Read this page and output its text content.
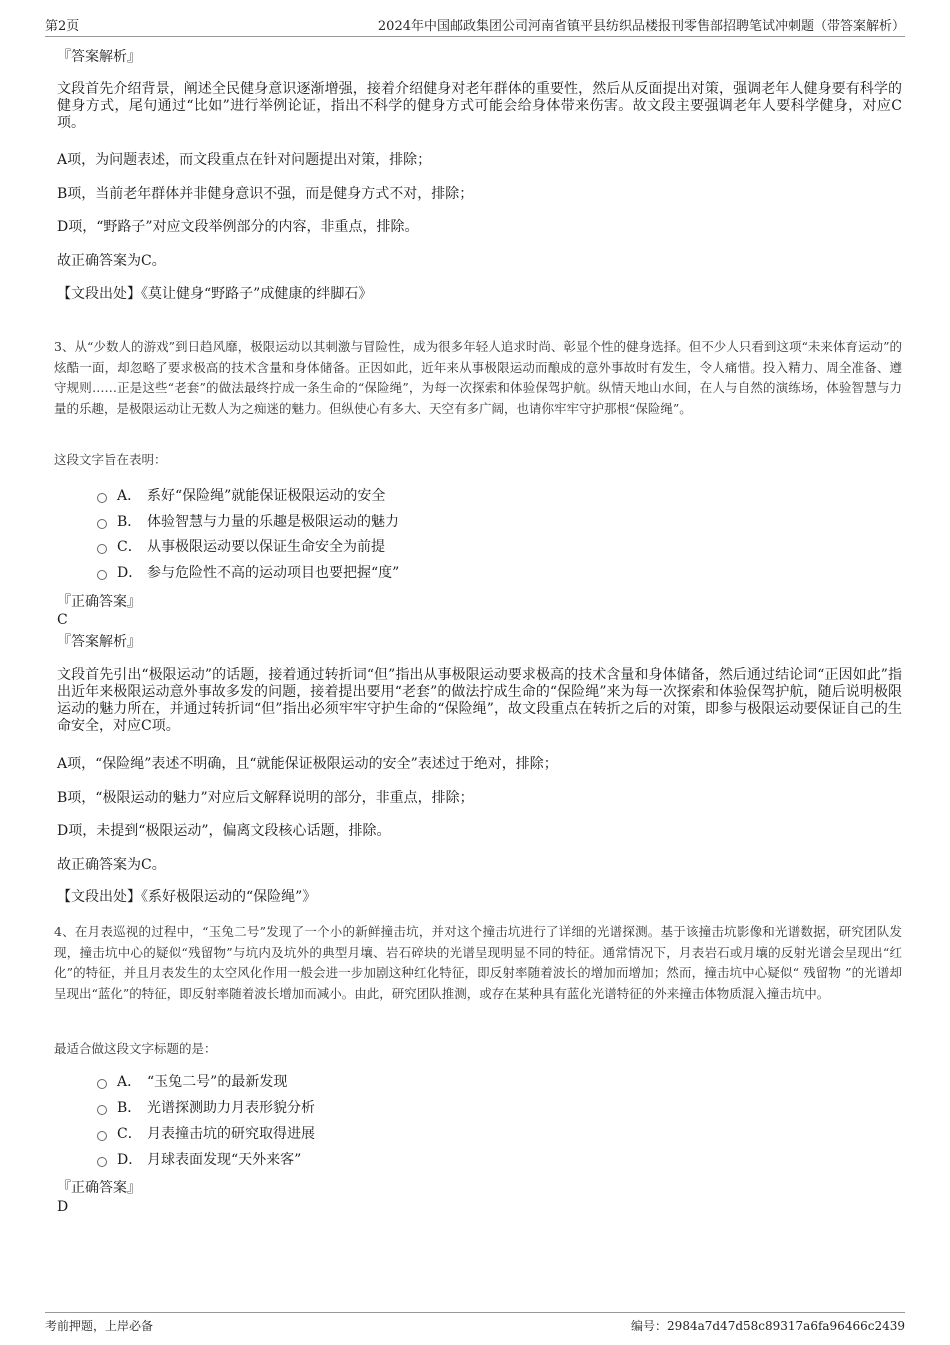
第2页	2024年中国邮政集团公司河南省镇平县纺织品楼报刊零售部招聘笔试冲刺题（带答案解析）
『答案解析』
文段首先介绍背景，阐述全民健身意识逐渐增强，接着介绍健身对老年群体的重要性，然后从反面提出对策，强调老年人健身要有科学的健身方式，尾句通过“比如”进行举例论证，指出不科学的健身方式可能会给身体带来伤害。故文段主要强调老年人要科学健身，对应C项。
A项，为问题表述，而文段重点在针对问题提出对策，排除；
B项，当前老年群体并非健身意识不强，而是健身方式不对，排除；
D项，“野路子”对应文段举例部分的内容，非重点，排除。
故正确答案为C。
【文段出处】《莫让健身“野路子”成健康的绊脚石》
3、从“少数人的游戏”到日趋风靡，极限运动以其刺激与冒险性，成为很多年轻人追求时尚、彰显个性的健身选择。但不少人只看到这项“未来体育运动”的炫酷一面，却忽略了要求极高的技术含量和身体储备。正因如此，近年来从事极限运动而酿成的意外事故时有发生，令人痛惜。投入精力、周全准备、遵守规则……正是这些“老套”的做法最终拧成一条生命的“保险绳”，为每一次探索和体验保驾护航。纵情天地山水间，在人与自然的演练场，体验智慧与力量的乐趣，是极限运动让无数人为之痴迷的魅力。但纵使心有多大、天空有多广阔，也请你牢牢守护那根“保险绳”。
这段文字旨在表明：
A． 系好“保险绳”就能保证极限运动的安全
B． 体验智慧与力量的乐趣是极限运动的魅力
C． 从事极限运动要以保证生命安全为前提
D． 参与危险性不高的运动项目也要把握“度”
『正确答案』
C
『答案解析』
文段首先引出“极限运动”的话题，接着通过转折词“但”指出从事极限运动要求极高的技术含量和身体储备，然后通过结论词“正因如此”指出近年来极限运动意外事故多发的问题，接着提出要用“老套”的做法拧成生命的“保险绳”来为每一次探索和体验保驾护航，随后说明极限运动的魅力所在，并通过转折词“但”指出必须牢牢守护生命的“保险绳”，故文段重点在转折之后的对策，即参与极限运动要保证自己的生命安全，对应C项。
A项，“保险绳”表述不明确，且“就能保证极限运动的安全”表述过于绝对，排除；
B项，“极限运动的魅力”对应后文解释说明的部分，非重点，排除；
D项，未提到“极限运动”，偏离文段核心话题，排除。
故正确答案为C。
【文段出处】《系好极限运动的“保险绳”》
4、在月表巡视的过程中，“玉兔二号”发现了一个小的新鲜撞击坑，并对这个撞击坑进行了详细的光谱探测。基于该撞击坑影像和光谱数据，研究团队发现，撞击坑中心的疑似“残留物”与坑内及坑外的典型月壤、岩石碎块的光谱呈现明显不同的特征。通常情况下，月表岩石或月壤的反射光谱会呈现出“红化”的特征，并且月表发生的太空风化作用一般会进一步加剧这种红化特征，即反射率随着波长的增加而增加；然而，撞击坑中心疑似“ 残留物 ”的光谱却呈现出“蓝化”的特征，即反射率随着波长增加而减小。由此，研究团队推测，或存在某种具有蓝化光谱特征的外来撞击体物质混入撞击坑中。
最适合做这段文字标题的是：
A． “玉兔二号”的最新发现
B． 光谱探测助力月表形貌分析
C． 月表撞击坑的研究取得进展
D． 月球表面发现“天外来客”
『正确答案』
D
考前押题，上岸必备	编号：2984a7d47d58c89317a6fa96466c2439
